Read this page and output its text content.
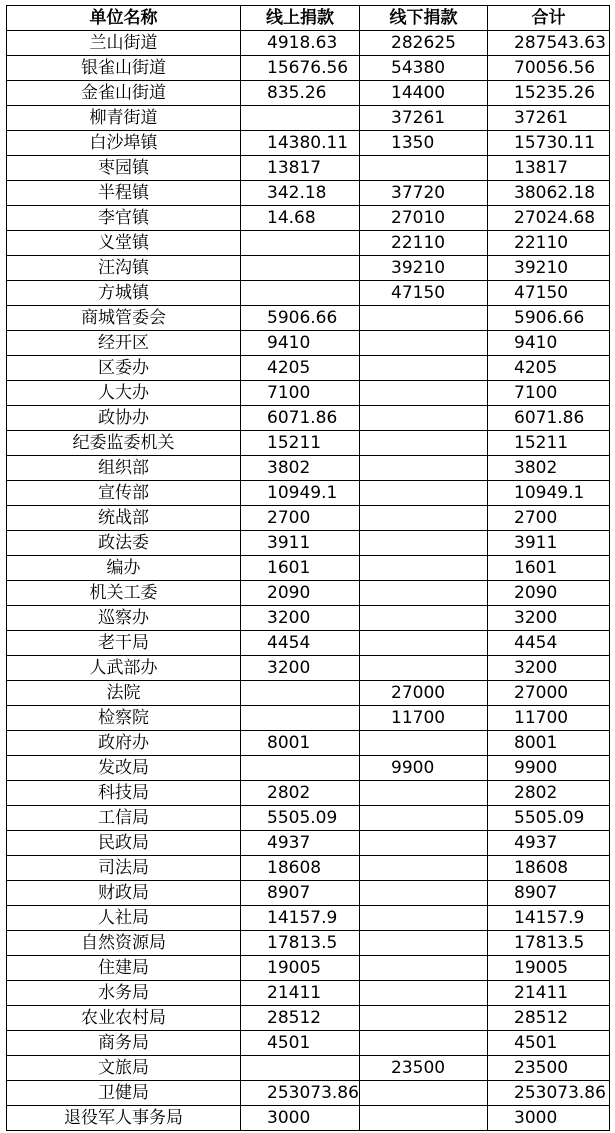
单位名称	线上捐款	线下捐款	合计
兰山街道	4918.63	282625	287543.63
银雀山街道	15676.56	54380	70056.56
金雀山街道	835.26	14400	15235.26
柳青街道		37261	37261
白沙埠镇	14380.11	1350	15730.11
枣园镇	13817		13817
半程镇	342.18	37720	38062.18
李官镇	14.68	27010	27024.68
义堂镇		22110	22110
汪沟镇		39210	39210
方城镇		47150	47150
商城管委会	5906.66		5906.66
经开区	9410		9410
区委办	4205		4205
人大办	7100		7100
政协办	6071.86		6071.86
纪委监委机关	15211		15211
组织部	3802		3802
宣传部	10949.1		10949.1
统战部	2700		2700
政法委	3911		3911
编办	1601		1601
机关工委	2090		2090
巡察办	3200		3200
老干局	4454		4454
人武部办	3200		3200
法院		27000	27000
检察院		11700	11700
政府办	8001		8001
发改局		9900	9900
科技局	2802		2802
工信局	5505.09		5505.09
民政局	4937		4937
司法局	18608		18608
财政局	8907		8907
人社局	14157.9		14157.9
自然资源局	17813.5		17813.5
住建局	19005		19005
水务局	21411		21411
农业农村局	28512		28512
商务局	4501		4501
文旅局		23500	23500
卫健局	253073.86		253073.86
退役军人事务局	3000		3000
